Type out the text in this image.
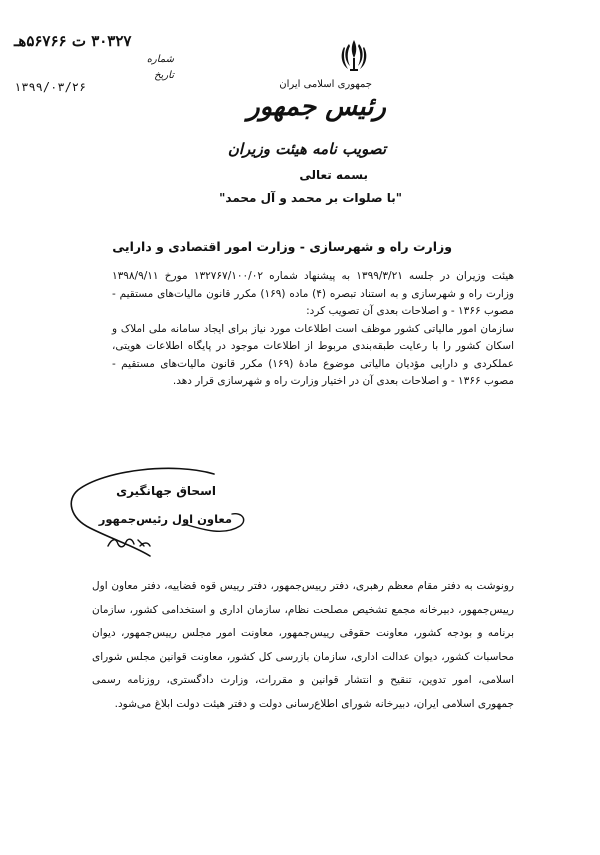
۳۰۳۲۷ ت ۵۶۷۶۶هـ
شماره
تاریخ
۱۳۹۹/۰۳/۲۶	جمهوری اسلامی ایران
رئیس جمهور
تصویب نامه هیئت وزیران
بسمه تعالی
"با صلوات بر محمد و آل محمد"
وزارت راه و شهرسازی - وزارت امور اقتصادی و دارایی

هیئت وزیران در جلسه ۱۳۹۹/۳/۲۱ به پیشنهاد شماره ۱۳۲۷۶۷/۱۰۰/۰۲ مورخ ۱۳۹۸/۹/۱۱ وزارت راه و شهرسازی و به استناد تبصره (۴) ماده (۱۶۹) مکرر قانون مالیات‌های مستقیم - مصوب ۱۳۶۶ - و اصلاحات بعدی آن تصویب کرد:

سازمان امور مالیاتی کشور موظف است اطلاعات مورد نیاز برای ایجاد سامانه ملی املاک و اسکان کشور را با رعایت طبقه‌بندی مربوط از اطلاعات موجود در پایگاه اطلاعات هویتی، عملکردی و دارایی مؤدیان مالیاتی موضوع مادهٔ (۱۶۹) مکرر قانون مالیات‌های مستقیم - مصوب ۱۳۶۶ - و اصلاحات بعدی آن در اختیار وزارت راه و شهرسازی قرار دهد.

اسحاق جهانگیری
معاون اول رئیس‌جمهور

رونوشت به دفتر مقام معظم رهبری، دفتر رییس‌جمهور، دفتر رییس قوه قضاییه، دفتر معاون اول رییس‌جمهور، دبیرخانه مجمع تشخیص مصلحت نظام، سازمان اداری و استخدامی کشور، سازمان برنامه و بودجه کشور، معاونت حقوقی رییس‌جمهور، معاونت امور مجلس رییس‌جمهور، دیوان محاسبات کشور، دیوان عدالت اداری، سازمان بازرسی کل کشور، معاونت قوانین مجلس شورای اسلامی، امور تدوین، تنقیح و انتشار قوانین و مقررات، وزارت دادگستری، روزنامه رسمی جمهوری اسلامی ایران، دبیرخانه شورای اطلاع‌رسانی دولت و دفتر هیئت دولت ابلاغ می‌شود.
